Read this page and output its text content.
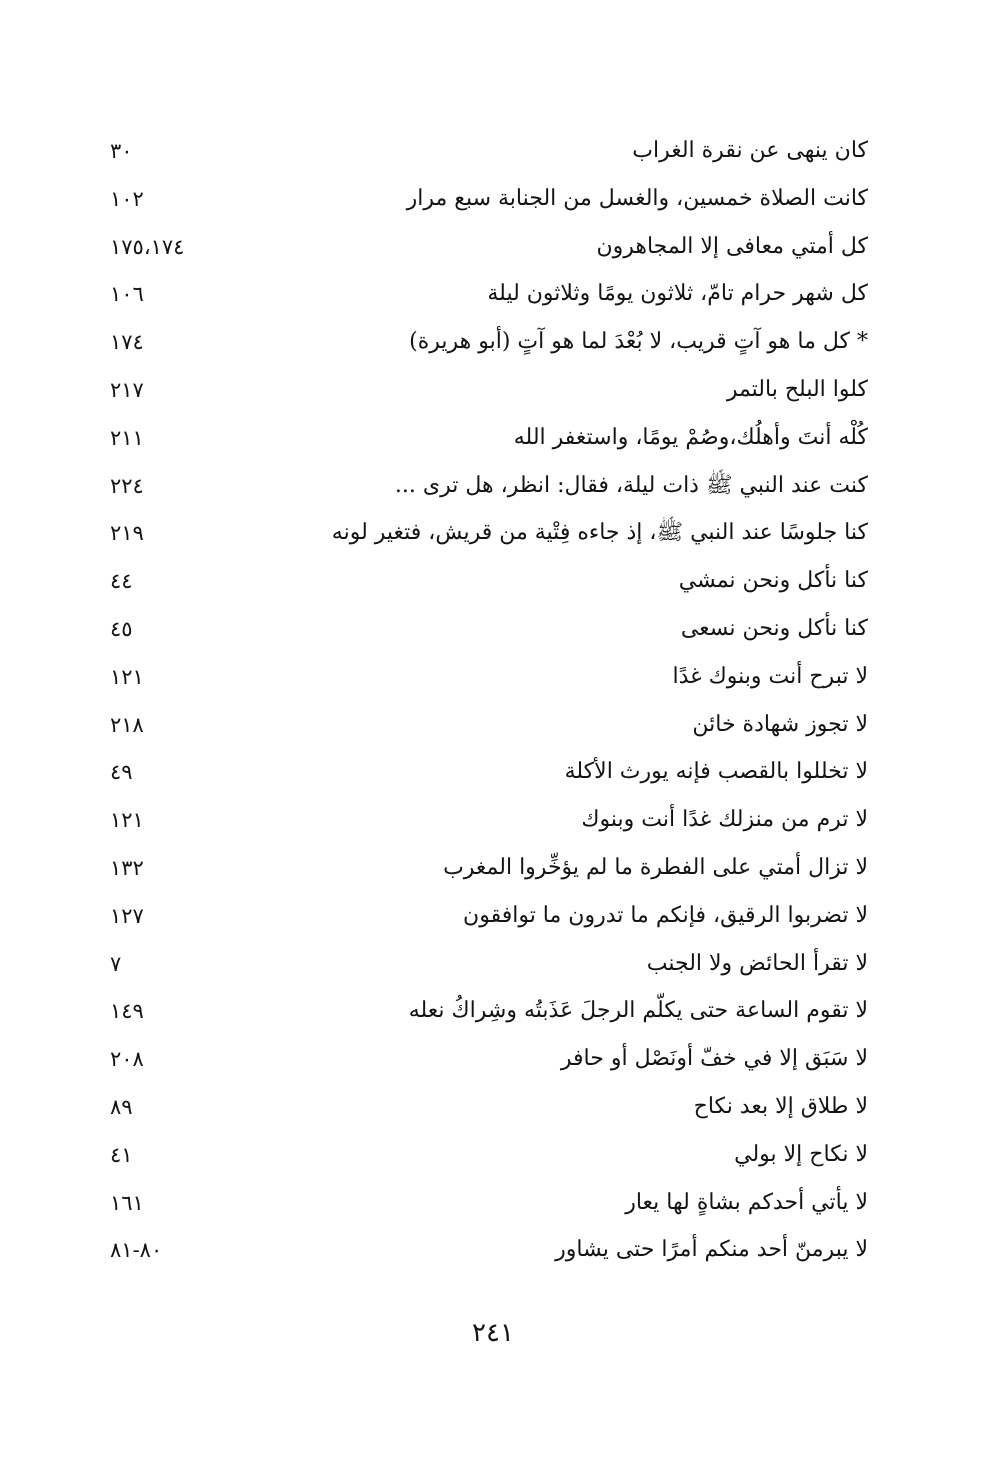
كان ينهى عن نقرة الغراب
٣٠
كانت الصلاة خمسين، والغسل من الجنابة سبع مرار
١٠٢
كل أمتي معافى إلا المجاهرون
١٧٥،١٧٤
كل شهر حرام تامّ، ثلاثون يومًا وثلاثون ليلة
١٠٦
* كل ما هو آتٍ قريب، لا بُعْدَ لما هو آتٍ (أبو هريرة)
١٧٤
كلوا البلح بالتمر
٢١٧
كُلْه أنتَ وأهلُك،وصُمْ يومًا، واستغفر الله
٢١١
كنت عند النبي ﷺ ذات ليلة، فقال: انظر، هل ترى ...
٢٢٤
كنا جلوسًا عند النبي ﷺ، إذ جاءه فِتْية من قريش، فتغير لونه
٢١٩
كنا نأكل ونحن نمشي
٤٤
كنا نأكل ونحن نسعى
٤٥
لا تبرح أنت وبنوك غدًا
١٢١
لا تجوز شهادة خائن
٢١٨
لا تخللوا بالقصب فإنه يورث الأكلة
٤٩
لا ترم من منزلك غدًا أنت وبنوك
١٢١
لا تزال أمتي على الفطرة ما لم يؤخِّروا المغرب
١٣٢
لا تضربوا الرقيق، فإنكم ما تدرون ما توافقون
١٢٧
لا تقرأ الحائض ولا الجنب
٧
لا تقوم الساعة حتى يكلّم الرجلَ عَذَبتُه وشِراكُ نعله
١٤٩
لا سَبَق إلا في خفّ أونَصْل أو حافر
٢٠٨
لا طلاق إلا بعد نكاح
٨٩
لا نكاح إلا بولي
٤١
لا يأتي أحدكم بشاةٍ لها يعار
١٦١
لا يبرمنّ أحد منكم أمرًا حتى يشاور
٨٠-٨١
٢٤١
